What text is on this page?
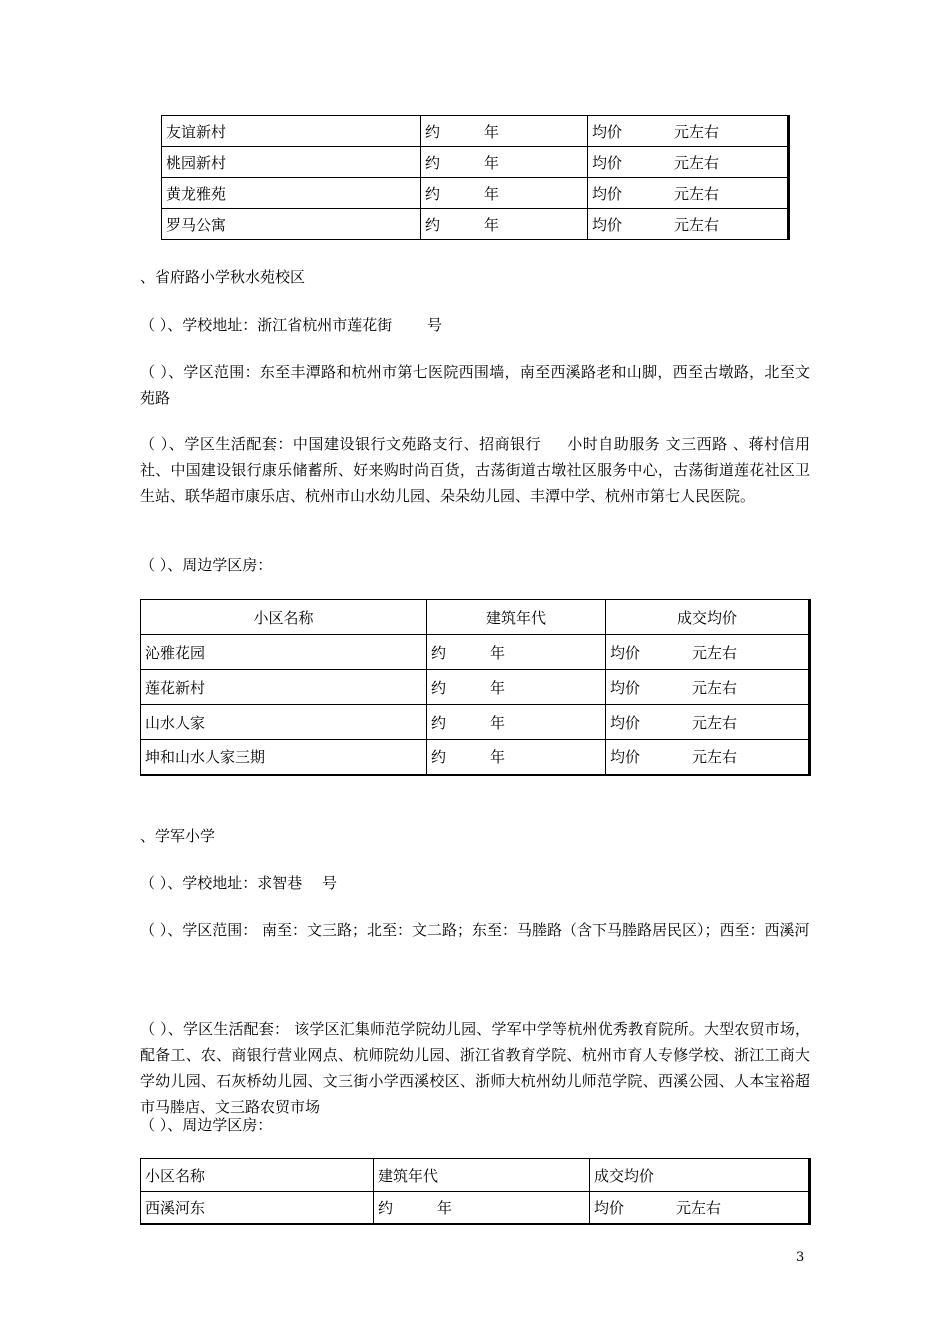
友谊新村	约 年	均价 元左右
桃园新村	约 年	均价 元左右
黄龙雅苑	约 年	均价 元左右
罗马公寓	约 年	均价 元左右

、省府路小学秋水苑校区

（ ）、学校地址：浙江省杭州市莲花街 　　号

（ ）、学区范围：东至丰潭路和杭州市第七医院西围墙，南至西溪路老和山脚，西至古墩路，北至文苑路

（ ）、学区生活配套：中国建设银行文苑路支行、招商银行 　 小时自助服务 文三西路 、蒋村信用社、中国建设银行康乐储蓄所、好来购时尚百货，古荡街道古墩社区服务中心，古荡街道莲花社区卫生站、联华超市康乐店、杭州市山水幼儿园、朵朵幼儿园、丰潭中学、杭州市第七人民医院。

（ ）、周边学区房：

小区名称	建筑年代	成交均价
沁雅花园	约 年	均价 元左右
莲花新村	约 年	均价 元左右
山水人家	约 年	均价 元左右
坤和山水人家三期	约 年	均价 元左右

、学军小学

（ ）、学校地址：求智巷 　号

（ ）、学区范围： 南至：文三路；北至：文二路；东至：马塍路（含下马塍路居民区）；西至：西溪河

（ ）、学区生活配套： 该学区汇集师范学院幼儿园、学军中学等杭州优秀教育院所。大型农贸市场，配备工、农、商银行营业网点、杭师院幼儿园、浙江省教育学院、杭州市育人专修学校、浙江工商大学幼儿园、石灰桥幼儿园、文三街小学西溪校区、浙师大杭州幼儿师范学院、西溪公园、人本宝裕超市马塍店、文三路农贸市场

（ ）、周边学区房：

小区名称	建筑年代	成交均价
西溪河东	约 年	均价 元左右
3
